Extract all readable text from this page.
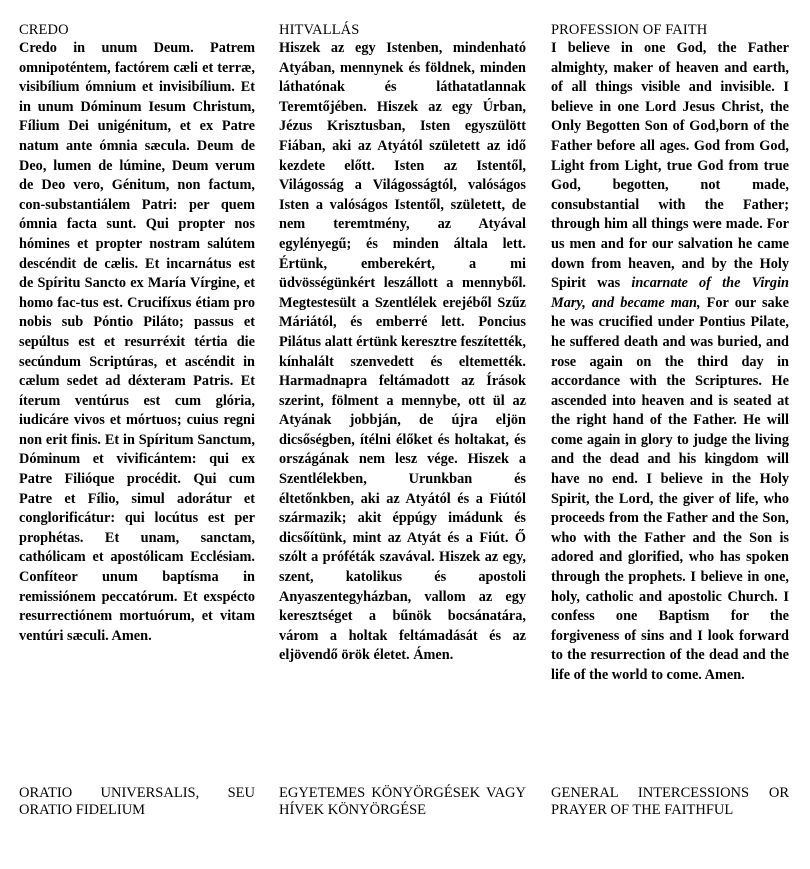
CREDO

Credo in unum Deum. Patrem omnipoténtem, factórem cæli et terræ, visibílium ómnium et invisibílium. Et in unum Dóminum Iesum Christum, Fílium Dei unigénitum, et ex Patre natum ante ómnia sæcula. Deum de Deo, lumen de lúmine, Deum verum de Deo vero, Génitum, non factum, con-substantiálem Patri: per quem ómnia facta sunt. Qui propter nos hómines et propter nostram salútem descéndit de cælis. Et incarnátus est de Spíritu Sancto ex María Vírgine, et homo fac-tus est. Crucifíxus étiam pro nobis sub Póntio Piláto; passus et sepúltus est et resurréxit tértia die secúndum Scriptúras, et ascéndit in cælum sedet ad déxteram Patris. Et íterum ventúrus est cum glória, iudicáre vivos et mórtuos; cuius regni non erit finis. Et in Spíritum Sanctum, Dóminum et vivificántem: qui ex Patre Filióque procédit. Qui cum Patre et Fílio, simul adorátur et conglorificátur: qui locútus est per prophétas. Et unam, sanctam, cathólicam et apostólicam Ecclésiam. Confíteor unum baptísma in remissiónem peccatórum. Et exspécto resurrectiónem mortuórum, et vitam ventúri sæculi. Amen.

HITVALLÁS

Hiszek az egy Istenben, mindenható Atyában, mennynek és földnek, minden láthatónak és láthatatlannak Teremtőjében. Hiszek az egy Úrban, Jézus Krisztusban, Isten egyszülött Fiában, aki az Atyától született az idő kezdete előtt. Isten az Istentől, Világosság a Világosságtól, valóságos Isten a valóságos Istentől, született, de nem teremtmény, az Atyával egylényegű; és minden általa lett. Értünk, emberekért, a mi üdvösségünkért leszállott a mennyből. Megtestesült a Szentlélek erejéből Szűz Máriától, és emberré lett. Poncius Pilátus alatt értünk keresztre feszítették, kínhalált szenvedett és eltemették. Harmadnapra feltámadott az Írások szerint, fölment a mennybe, ott ül az Atyának jobbján, de újra eljön dicsőségben, ítélni élőket és holtakat, és országának nem lesz vége. Hiszek a Szentlélekben, Urunkban és éltetőnkben, aki az Atyától és a Fiútól származik; akit éppúgy imádunk és dicsőítünk, mint az Atyát és a Fiút. Ő szólt a próféták szavával. Hiszek az egy, szent, katolikus és apostoli Anyaszentegyházban, vallom az egy keresztséget a bűnök bocsánatára, várom a holtak feltámadását és az eljövendő örök életet. Ámen.

PROFESSION OF FAITH

I believe in one God, the Father almighty, maker of heaven and earth, of all things visible and invisible. I believe in one Lord Jesus Christ, the Only Begotten Son of God,born of the Father before all ages. God from God, Light from Light, true God from true God, begotten, not made, consubstantial with the Father; through him all things were made. For us men and for our salvation he came down from heaven, and by the Holy Spirit was incarnate of the Virgin Mary, and became man, For our sake he was crucified under Pontius Pilate, he suffered death and was buried, and rose again on the third day in accordance with the Scriptures. He ascended into heaven and is seated at the right hand of the Father. He will come again in glory to judge the living and the dead and his kingdom will have no end. I believe in the Holy Spirit, the Lord, the giver of life, who proceeds from the Father and the Son, who with the Father and the Son is adored and glorified, who has spoken through the prophets. I believe in one, holy, catholic and apostolic Church. I confess one Baptism for the forgiveness of sins and I look forward to the resurrection of the dead and the life of the world to come. Amen.

ORATIO UNIVERSALIS, SEU ORATIO FIDELIUM

EGYETEMES KÖNYÖRGÉSEK VAGY HÍVEK KÖNYÖRGÉSE

GENERAL INTERCESSIONS OR PRAYER OF THE FAITHFUL
